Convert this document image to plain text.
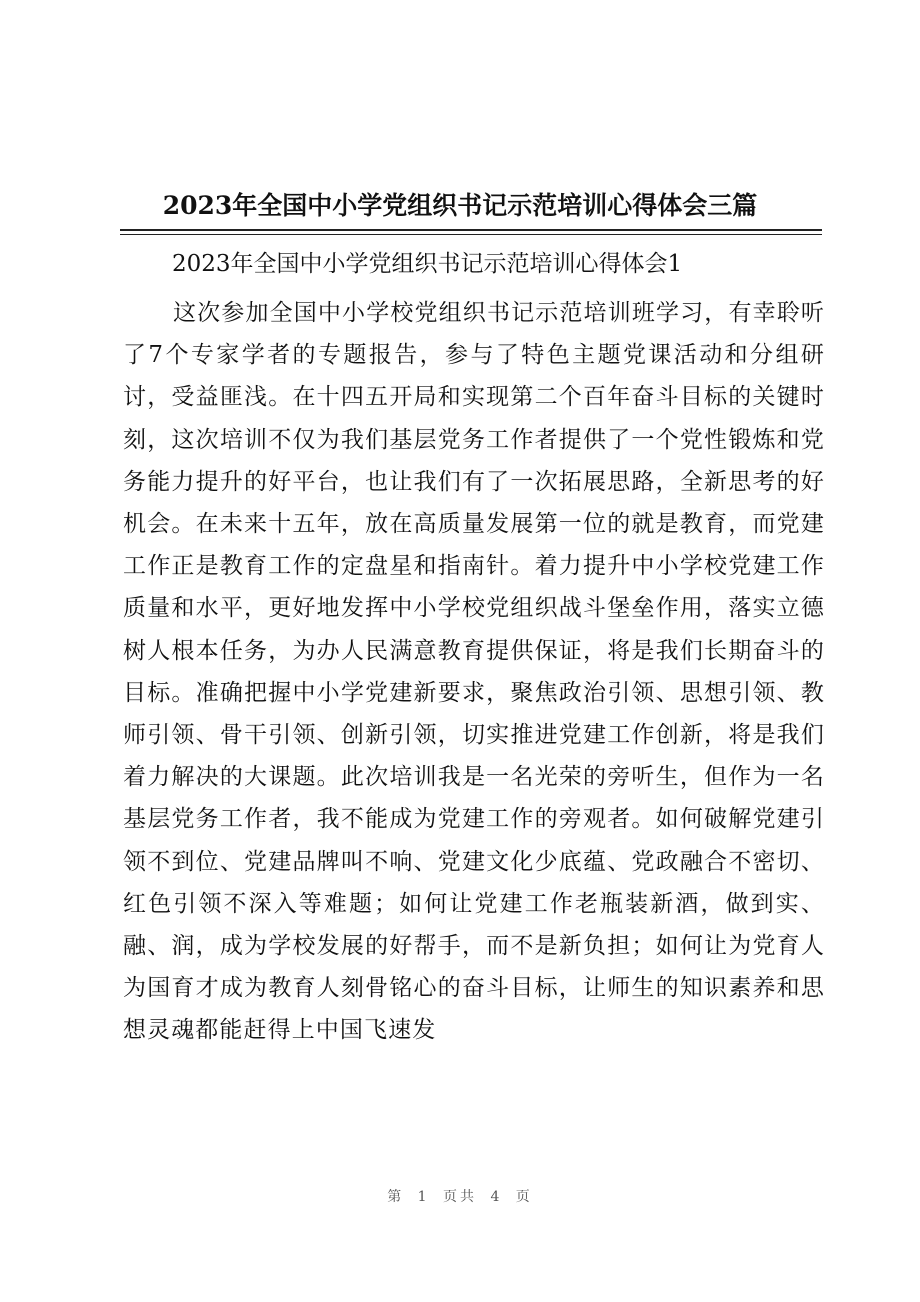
2023年全国中小学党组织书记示范培训心得体会三篇

2023年全国中小学党组织书记示范培训心得体会1

这次参加全国中小学校党组织书记示范培训班学习，有幸聆听了7个专家学者的专题报告，参与了特色主题党课活动和分组研讨，受益匪浅。在十四五开局和实现第二个百年奋斗目标的关键时刻，这次培训不仅为我们基层党务工作者提供了一个党性锻炼和党务能力提升的好平台，也让我们有了一次拓展思路，全新思考的好机会。在未来十五年，放在高质量发展第一位的就是教育，而党建工作正是教育工作的定盘星和指南针。着力提升中小学校党建工作质量和水平，更好地发挥中小学校党组织战斗堡垒作用，落实立德树人根本任务，为办人民满意教育提供保证，将是我们长期奋斗的目标。准确把握中小学党建新要求，聚焦政治引领、思想引领、教师引领、骨干引领、创新引领，切实推进党建工作创新，将是我们着力解决的大课题。此次培训我是一名光荣的旁听生，但作为一名基层党务工作者，我不能成为党建工作的旁观者。如何破解党建引领不到位、党建品牌叫不响、党建文化少底蕴、党政融合不密切、红色引领不深入等难题；如何让党建工作老瓶装新酒，做到实、融、润，成为学校发展的好帮手，而不是新负担；如何让为党育人 为国育才成为教育人刻骨铭心的奋斗目标，让师生的知识素养和思想灵魂都能赶得上中国飞速发

第 1 页共 4 页
